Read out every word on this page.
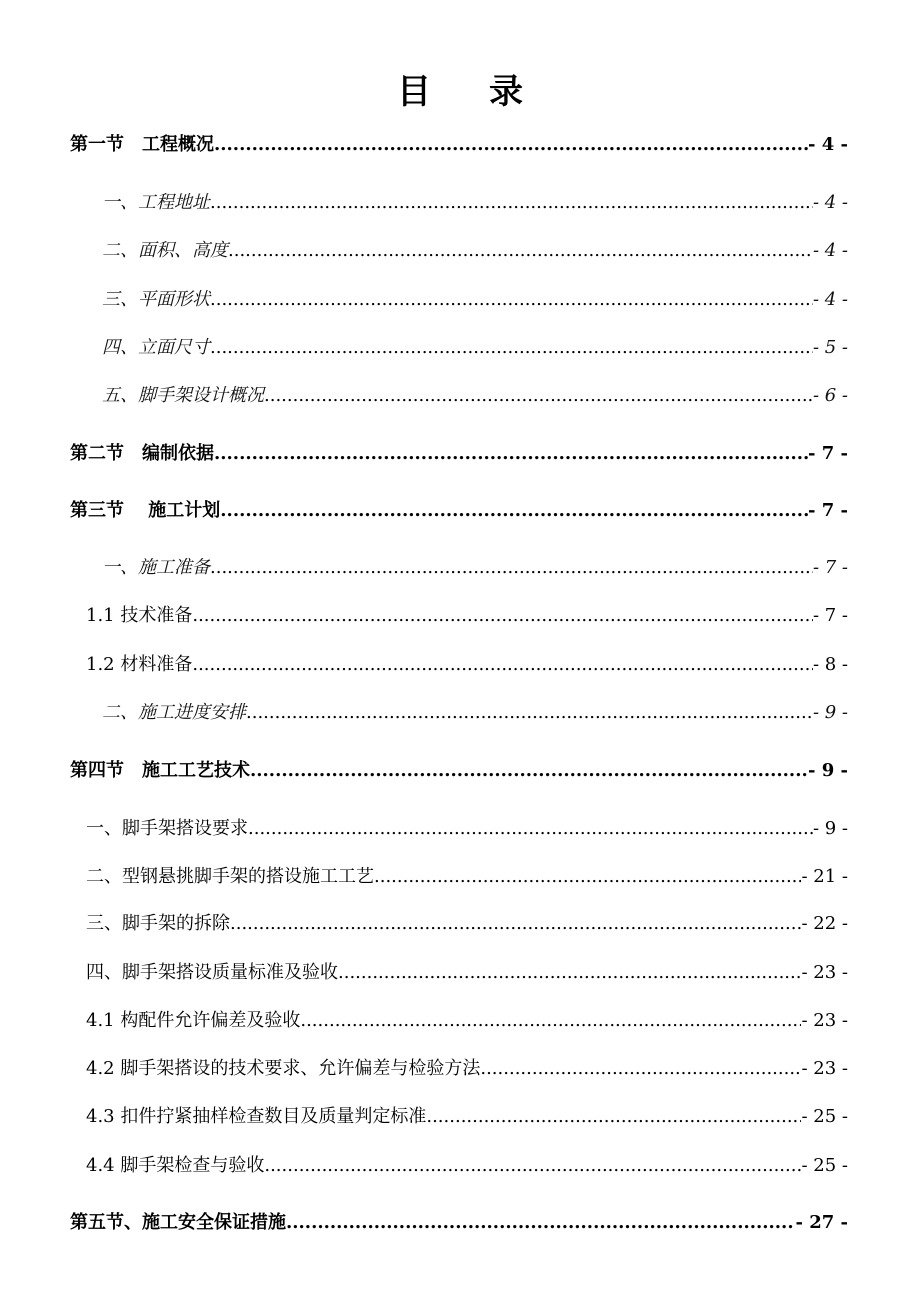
目 录
第一节　工程概况 .....	- 4 -
一、工程地址 .....	- 4 -
二、面积、高度 .....	- 4 -
三、平面形状 .....	- 4 -
四、立面尺寸 .....	- 5 -
五、脚手架设计概况 .....	- 6 -
第二节　编制依据 .....	- 7 -
第三节　 施工计划 .....	- 7 -
一、施工准备 .....	- 7 -
1.1 技术准备 .....	- 7 -
1.2 材料准备 .....	- 8 -
二、施工进度安排 .....	- 9 -
第四节　施工工艺技术 .....	- 9 -
一、脚手架搭设要求 .....	- 9 -
二、型钢悬挑脚手架的搭设施工工艺 .....	- 21 -
三、脚手架的拆除 .....	- 22 -
四、脚手架搭设质量标准及验收 .....	- 23 -
4.1 构配件允许偏差及验收 .....	- 23 -
4.2 脚手架搭设的技术要求、允许偏差与检验方法 .....	- 23 -
4.3 扣件拧紧抽样检查数目及质量判定标准 .....	- 25 -
4.4 脚手架检查与验收 .....	- 25 -
第五节、施工安全保证措施 .....	- 27 -
